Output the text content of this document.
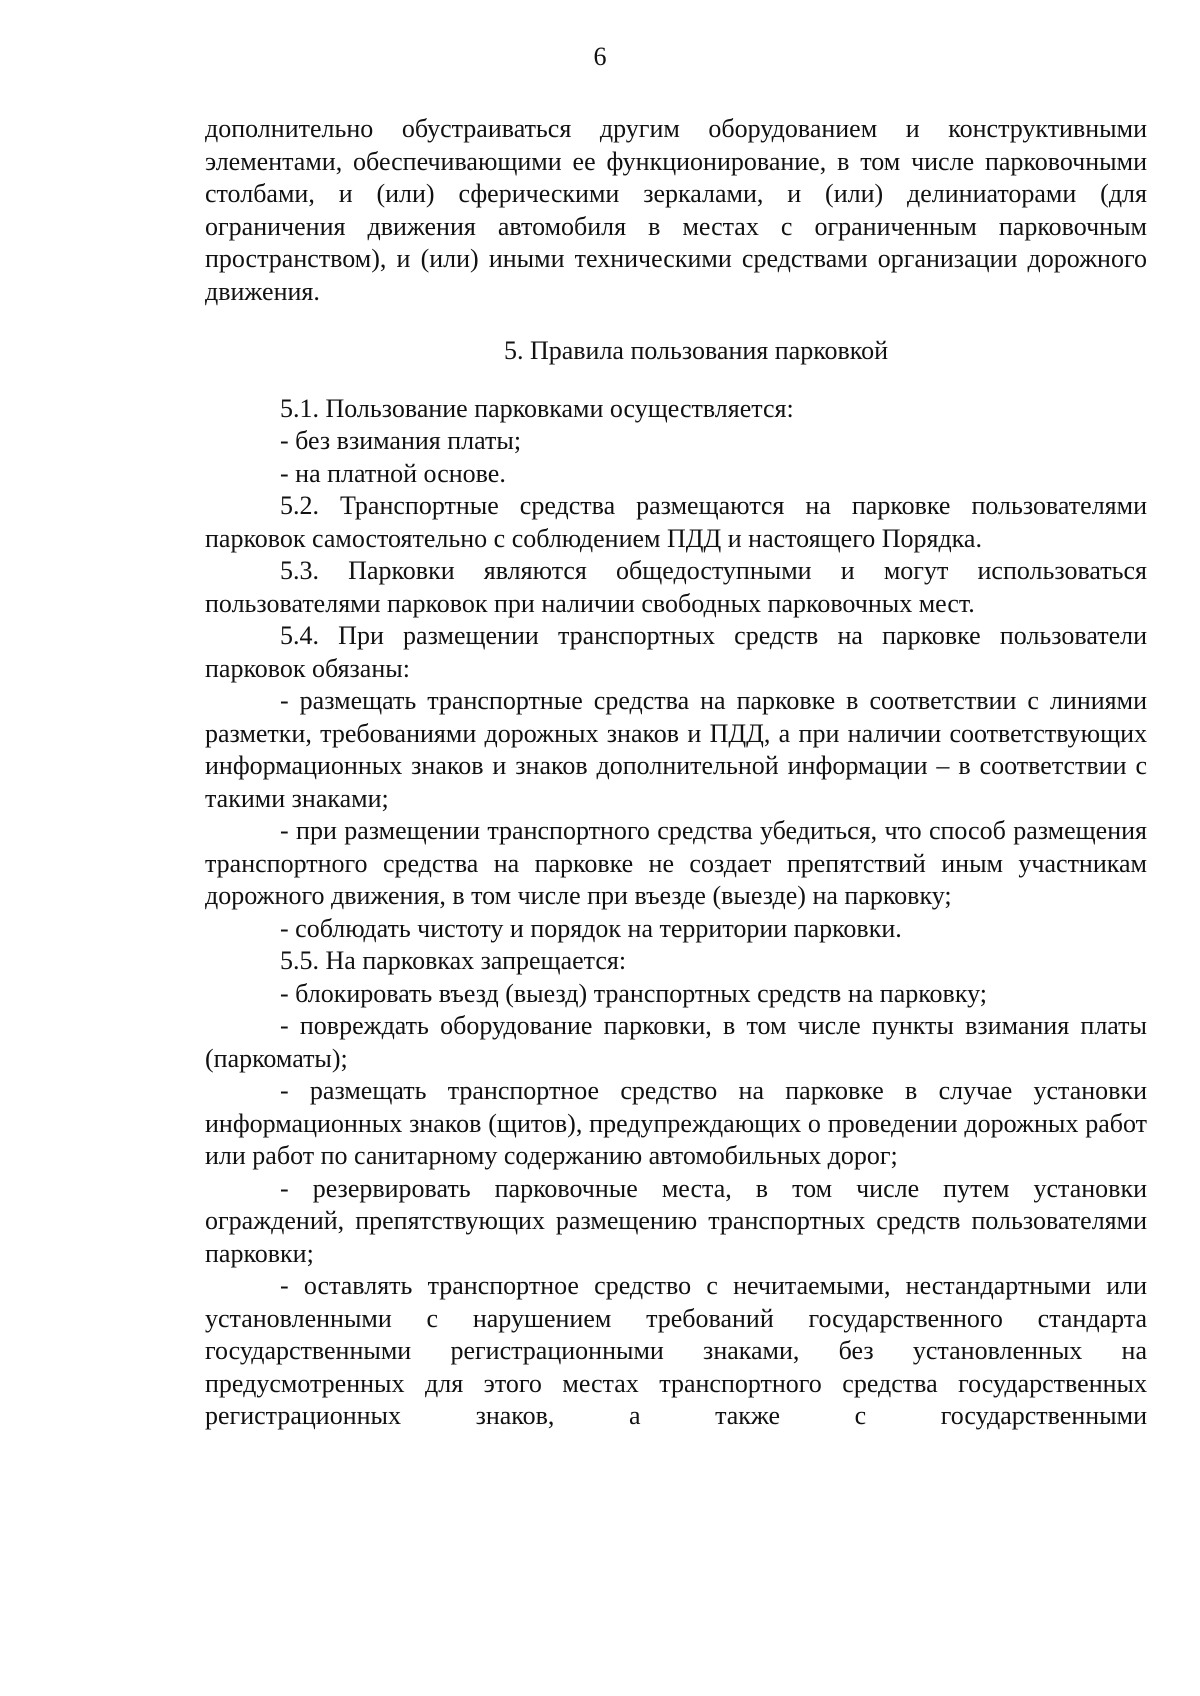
6

дополнительно обустраиваться другим оборудованием и конструктивными элементами, обеспечивающими ее функционирование, в том числе парковочными столбами, и (или) сферическими зеркалами, и (или) делиниаторами (для ограничения движения автомобиля в местах с ограниченным парковочным пространством), и (или) иными техническими средствами организации дорожного движения.

5. Правила пользования парковкой

5.1. Пользование парковками осуществляется:

- без взимания платы;

- на платной основе.

5.2. Транспортные средства размещаются на парковке пользователями парковок самостоятельно с соблюдением ПДД и настоящего Порядка.

5.3. Парковки являются общедоступными и могут использоваться пользователями парковок при наличии свободных парковочных мест.

5.4. При размещении транспортных средств на парковке пользователи парковок обязаны:

- размещать транспортные средства на парковке в соответствии с линиями разметки, требованиями дорожных знаков и ПДД, а при наличии соответствующих информационных знаков и знаков дополнительной информации – в соответствии с такими знаками;

- при размещении транспортного средства убедиться, что способ размещения транспортного средства на парковке не создает препятствий иным участникам дорожного движения, в том числе при въезде (выезде) на парковку;

- соблюдать чистоту и порядок на территории парковки.

5.5. На парковках запрещается:

- блокировать въезд (выезд) транспортных средств на парковку;

- повреждать оборудование парковки, в том числе пункты взимания платы (паркоматы);

- размещать транспортное средство на парковке в случае установки информационных знаков (щитов), предупреждающих о проведении дорожных работ или работ по санитарному содержанию автомобильных дорог;

- резервировать парковочные места, в том числе путем установки ограждений, препятствующих размещению транспортных средств пользователями парковки;

- оставлять транспортное средство с нечитаемыми, нестандартными или установленными с нарушением требований государственного стандарта государственными регистрационными знаками, без установленных на предусмотренных для этого местах транспортного средства государственных регистрационных знаков, а также с государственными
